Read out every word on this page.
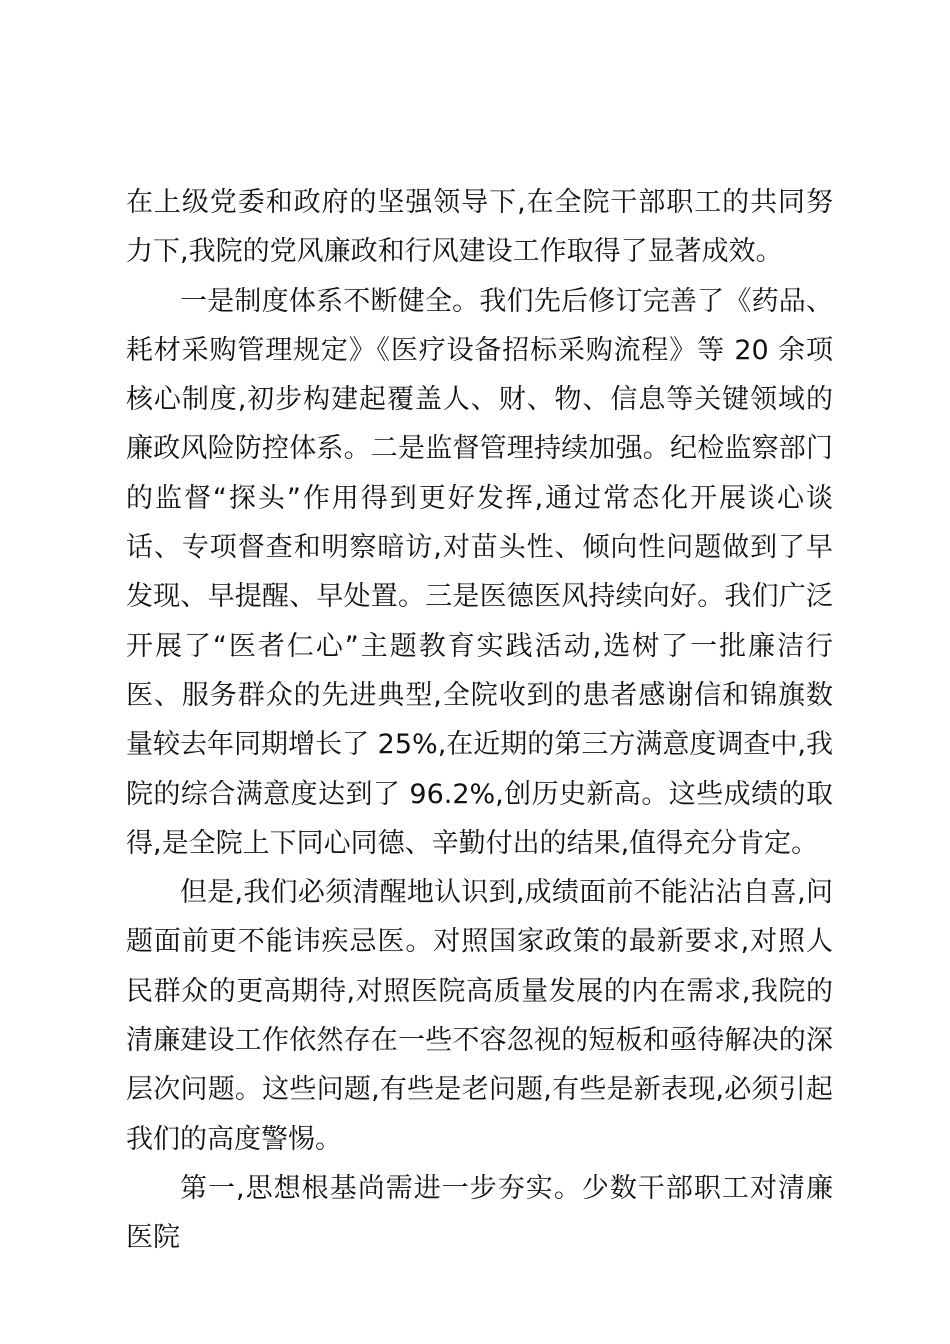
在上级党委和政府的坚强领导下,在全院干部职工的共同努力下,我院的党风廉政和行风建设工作取得了显著成效。

一是制度体系不断健全。我们先后修订完善了《药品、耗材采购管理规定》《医疗设备招标采购流程》等 20 余项核心制度,初步构建起覆盖人、财、物、信息等关键领域的廉政风险防控体系。二是监督管理持续加强。纪检监察部门的监督“探头”作用得到更好发挥,通过常态化开展谈心谈话、专项督查和明察暗访,对苗头性、倾向性问题做到了早发现、早提醒、早处置。三是医德医风持续向好。我们广泛开展了“医者仁心”主题教育实践活动,选树了一批廉洁行医、服务群众的先进典型,全院收到的患者感谢信和锦旗数量较去年同期增长了 25%,在近期的第三方满意度调查中,我院的综合满意度达到了 96.2%,创历史新高。这些成绩的取得,是全院上下同心同德、辛勤付出的结果,值得充分肯定。

但是,我们必须清醒地认识到,成绩面前不能沾沾自喜,问题面前更不能讳疾忌医。对照国家政策的最新要求,对照人民群众的更高期待,对照医院高质量发展的内在需求,我院的清廉建设工作依然存在一些不容忽视的短板和亟待解决的深层次问题。这些问题,有些是老问题,有些是新表现,必须引起我们的高度警惕。

第一,思想根基尚需进一步夯实。少数干部职工对清廉医院
